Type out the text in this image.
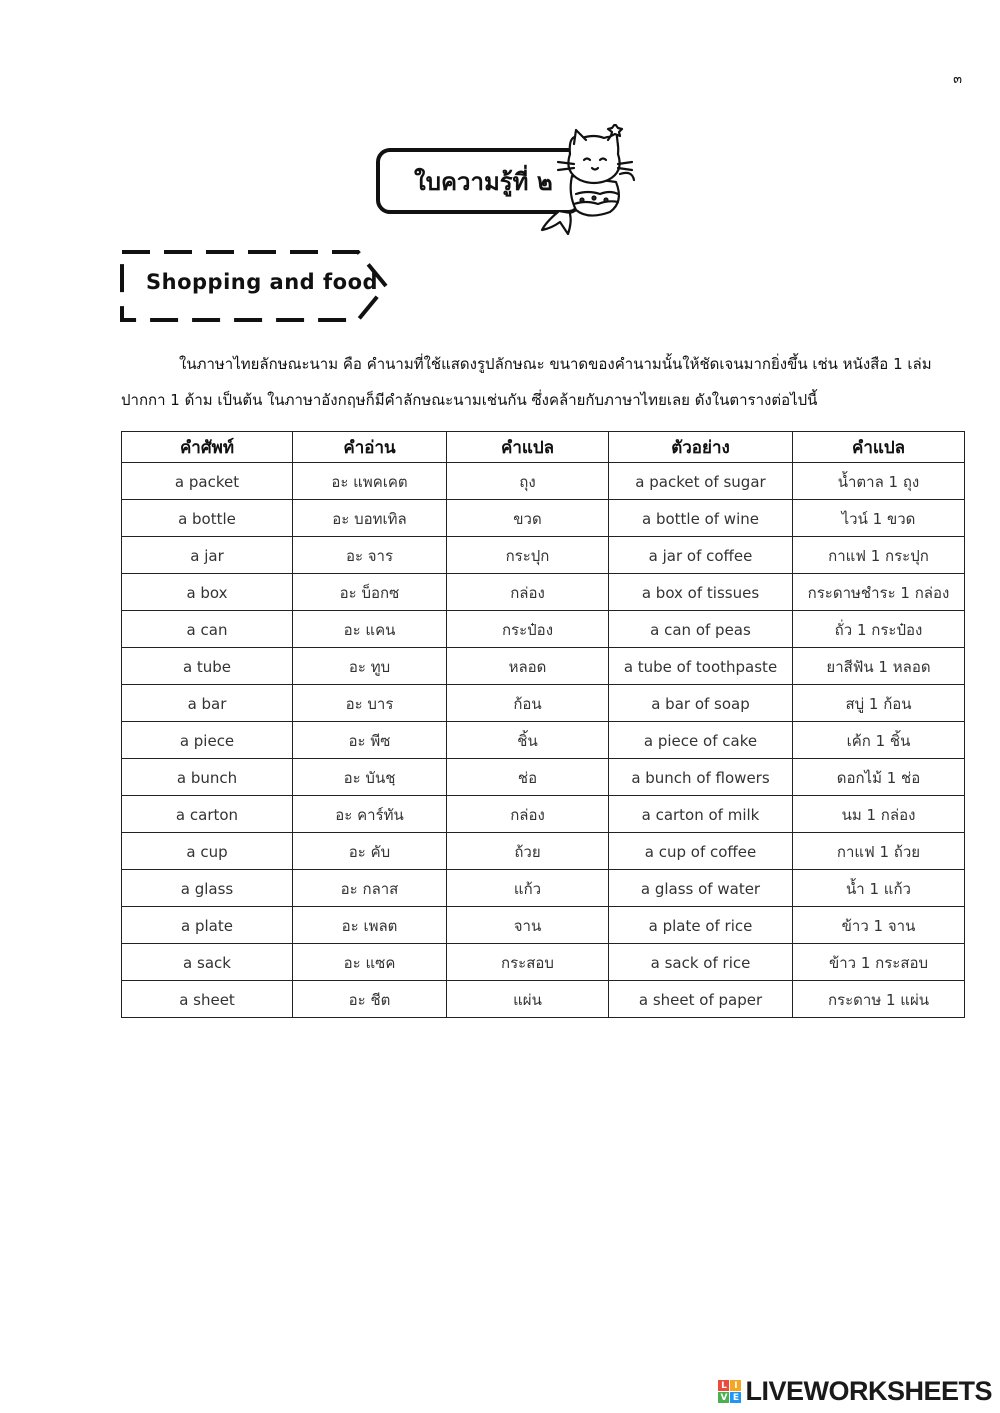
๓
ใบความรู้ที่ ๒
Shopping and food

ในภาษาไทยลักษณะนาม คือ คำนามที่ใช้แสดงรูปลักษณะ ขนาดของคำนามนั้นให้ชัดเจนมากยิ่งขึ้น เช่น หนังสือ 1 เล่ม

ปากกา 1 ด้าม เป็นต้น ในภาษาอังกฤษก็มีคำลักษณะนามเช่นกัน ซึ่งคล้ายกับภาษาไทยเลย ดังในตารางต่อไปนี้

คำศัพท์	คำอ่าน	คำแปล	ตัวอย่าง	คำแปล
a packet	อะ แพคเคต	ถุง	a packet of sugar	น้ำตาล 1 ถุง
a bottle	อะ บอทเทิล	ขวด	a bottle of wine	ไวน์ 1 ขวด
a jar	อะ จาร	กระปุก	a jar of coffee	กาแฟ 1 กระปุก
a box	อะ บ็อกซ	กล่อง	a box of tissues	กระดาษชำระ 1 กล่อง
a can	อะ แคน	กระป๋อง	a can of peas	ถั่ว 1 กระป๋อง
a tube	อะ ทูบ	หลอด	a tube of toothpaste	ยาสีฟัน 1 หลอด
a bar	อะ บาร	ก้อน	a bar of soap	สบู่ 1 ก้อน
a piece	อะ พีซ	ชิ้น	a piece of cake	เค้ก 1 ชิ้น
a bunch	อะ บันชฺ	ช่อ	a bunch of flowers	ดอกไม้ 1 ช่อ
a carton	อะ คาร์ทัน	กล่อง	a carton of milk	นม 1 กล่อง
a cup	อะ คับ	ถ้วย	a cup of coffee	กาแฟ 1 ถ้วย
a glass	อะ กลาส	แก้ว	a glass of water	น้ำ 1 แก้ว
a plate	อะ เพลต	จาน	a plate of rice	ข้าว 1 จาน
a sack	อะ แซค	กระสอบ	a sack of rice	ข้าว 1 กระสอบ
a sheet	อะ ชีต	แผ่น	a sheet of paper	กระดาษ 1 แผ่น
L I
V E LIVEWORKSHEETS
